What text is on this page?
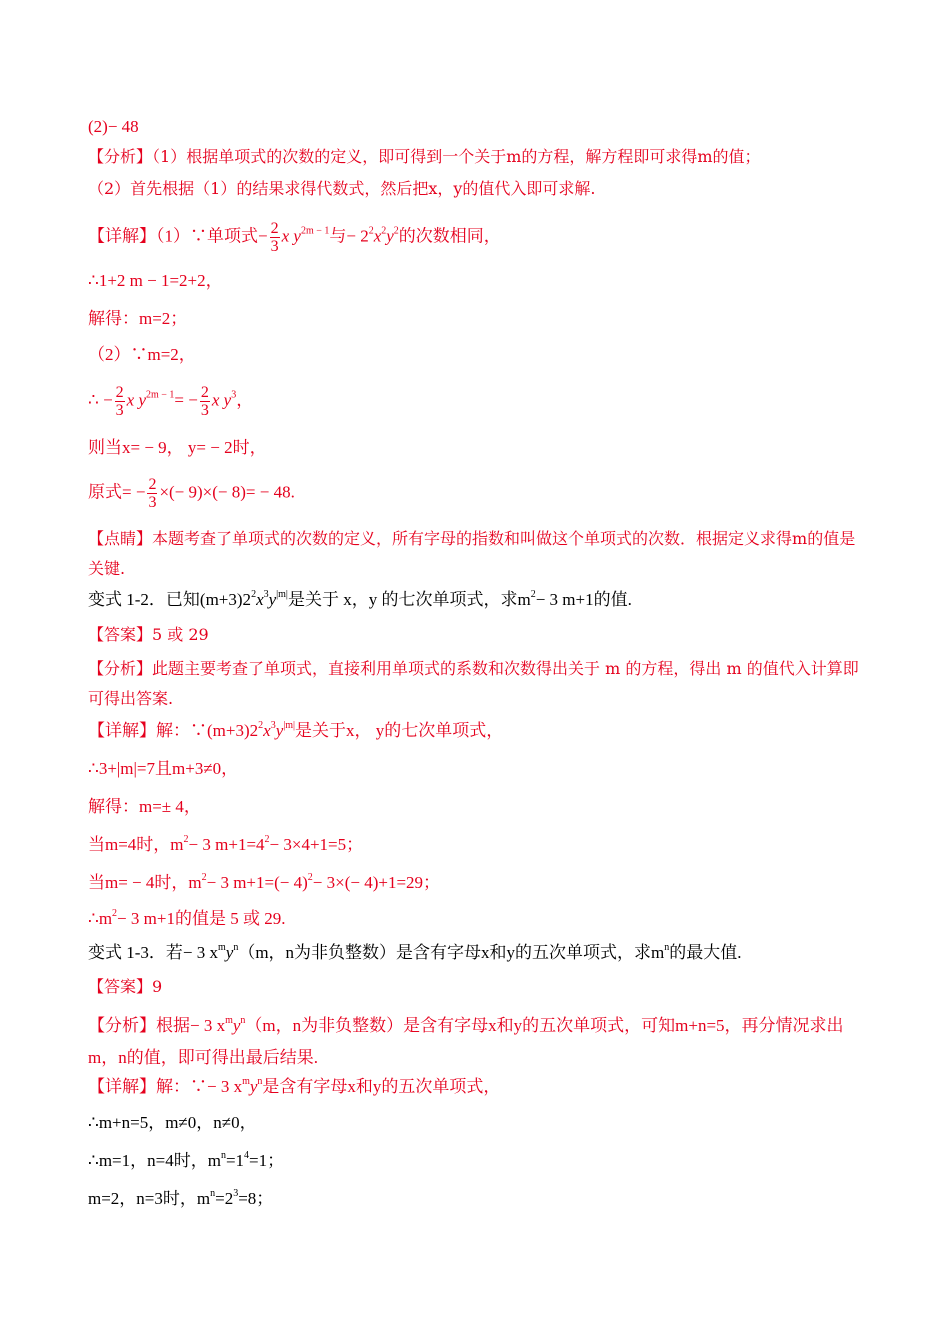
(2)− 48
【分析】（1）根据单项式的次数的定义，即可得到一个关于m的方程，解方程即可求得m的值；
（2）首先根据（1）的结果求得代数式，然后把x，y的值代入即可求解.
【详解】（1）∵单项式− $\frac{2}{3}$ x $y^{2m - 1}$与− $2^2x^2y^2$的次数相同，
∴1+2 m − 1=2+2，
解得：m=2；
（2）∵m=2，
∴ − $\frac{2}{3}$ x $y^{2m - 1}= - \frac{2}{3}$ x $y^3$，
则当x= − 9， y= − 2时，
原式= − $\frac{2}{3}$ ×(− 9)×(− 8)= − 48.
【点睛】本题考查了单项式的次数的定义，所有字母的指数和叫做这个单项式的次数．根据定义求得m的值是关键.
变式 1-2．已知$(m+3)2^2x^3y^{|m|}$是关于 x，y 的七次单项式，求$m^2- 3$ m+1的值.
【答案】5 或 29
【分析】此题主要考查了单项式，直接利用单项式的系数和次数得出关于 m 的方程，得出 m 的值代入计算即可得出答案.
【详解】解：$\because(m+3)2^2x^3y^{|m|}$是关于x， y的七次单项式，
∴3+|m|=7且m+3≠0，
解得：m=± 4，
当m=4时，$m^2- 3$ $m+1=4^2- 3\times 4+1=5$；
当m= − 4时，$m^2- 3$ $m+1=(- 4)^2- 3\times(- 4)+1=29$；
$\therefore m^2- 3$ m+1的值是 5 或 29.
变式 1-3．若− 3 $x^my^n(m$，n为非负整数）是含有字母x和y的五次单项式，求$m^n$的最大值.
【答案】9
【分析】根据− 3 $x^my^n(m$，n为非负整数）是含有字母x和y的五次单项式，可知m+n=5，再分情况求出m，n的值，即可得出最后结果.
【详解】解：∵− 3 $x^my^n$是含有字母x和y的五次单项式，
∴m+n=5，m≠0，n≠0，
∴m=1，n=4时，$m^n=1^4=1$；
m=2，n=3时，$m^n=2^3=8$；
